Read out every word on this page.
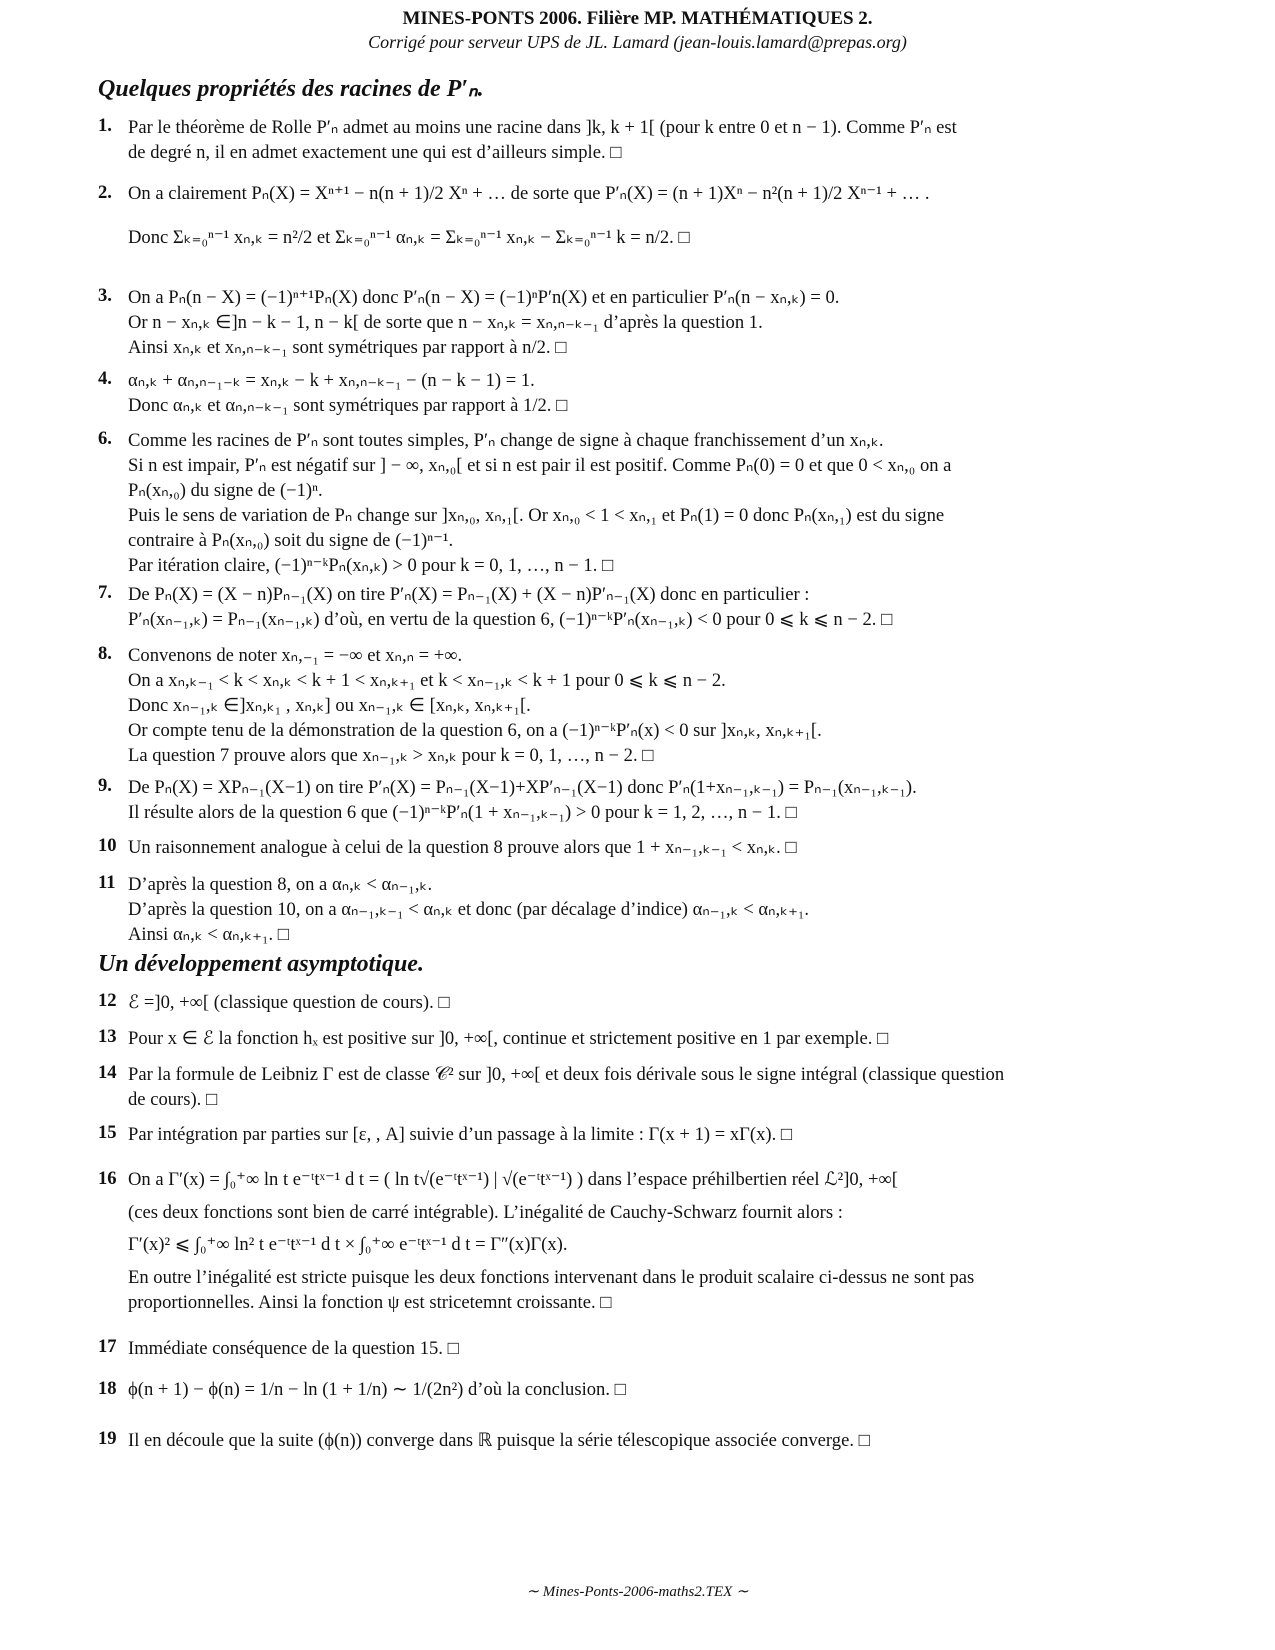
MINES-PONTS 2006. Filière MP. MATHÉMATIQUES 2.
Corrigé pour serveur UPS de JL. Lamard (jean-louis.lamard@prepas.org)
Quelques propriétés des racines de P′ₙ.
1. Par le théorème de Rolle P′ₙ admet au moins une racine dans ]k, k + 1[ (pour k entre 0 et n − 1). Comme P′ₙ est
de degré n, il en admet exactement une qui est d’ailleurs simple. □
2. On a clairement Pₙ(X) = Xⁿ⁺¹ − n(n + 1)/2 Xⁿ + … de sorte que P′ₙ(X) = (n + 1)Xⁿ − n²(n + 1)/2 Xⁿ⁻¹ + … .
Donc Σₖ₌₀ⁿ⁻¹ xₙ,ₖ = n²/2 et Σₖ₌₀ⁿ⁻¹ αₙ,ₖ = Σₖ₌₀ⁿ⁻¹ xₙ,ₖ − Σₖ₌₀ⁿ⁻¹ k = n/2. □
3. On a Pₙ(n − X) = (−1)ⁿ⁺¹Pₙ(X) donc P′ₙ(n − X) = (−1)ⁿP′n(X) et en particulier P′ₙ(n − xₙ,ₖ) = 0.
Or n − xₙ,ₖ ∈]n − k − 1, n − k[ de sorte que n − xₙ,ₖ = xₙ,ₙ₋ₖ₋₁ d’après la question 1.
Ainsi xₙ,ₖ et xₙ,ₙ₋ₖ₋₁ sont symétriques par rapport à n/2. □
4. αₙ,ₖ + αₙ,ₙ₋₁₋ₖ = xₙ,ₖ − k + xₙ,ₙ₋ₖ₋₁ − (n − k − 1) = 1.
Donc αₙ,ₖ et αₙ,ₙ₋ₖ₋₁ sont symétriques par rapport à 1/2. □
6. Comme les racines de P′ₙ sont toutes simples, P′ₙ change de signe à chaque franchissement d’un xₙ,ₖ.
Si n est impair, P′ₙ est négatif sur ] − ∞, xₙ,₀[ et si n est pair il est positif. Comme Pₙ(0) = 0 et que 0 < xₙ,₀ on a
Pₙ(xₙ,₀) du signe de (−1)ⁿ.
Puis le sens de variation de Pₙ change sur ]xₙ,₀, xₙ,₁[. Or xₙ,₀ < 1 < xₙ,₁ et Pₙ(1) = 0 donc Pₙ(xₙ,₁) est du signe
contraire à Pₙ(xₙ,₀) soit du signe de (−1)ⁿ⁻¹.
Par itération claire, (−1)ⁿ⁻ᵏPₙ(xₙ,ₖ) > 0 pour k = 0, 1, …, n − 1. □
7. De Pₙ(X) = (X − n)Pₙ₋₁(X) on tire P′ₙ(X) = Pₙ₋₁(X) + (X − n)P′ₙ₋₁(X) donc en particulier :
P′ₙ(xₙ₋₁,ₖ) = Pₙ₋₁(xₙ₋₁,ₖ) d’où, en vertu de la question 6, (−1)ⁿ⁻ᵏP′ₙ(xₙ₋₁,ₖ) < 0 pour 0 ⩽ k ⩽ n − 2. □
8. Convenons de noter xₙ,₋₁ = −∞ et xₙ,ₙ = +∞.
On a xₙ,ₖ₋₁ < k < xₙ,ₖ < k + 1 < xₙ,ₖ₊₁ et k < xₙ₋₁,ₖ < k + 1 pour 0 ⩽ k ⩽ n − 2.
Donc xₙ₋₁,ₖ ∈]xₙ,ₖ₁ , xₙ,ₖ] ou xₙ₋₁,ₖ ∈ [xₙ,ₖ, xₙ,ₖ₊₁[.
Or compte tenu de la démonstration de la question 6, on a (−1)ⁿ⁻ᵏP′ₙ(x) < 0 sur ]xₙ,ₖ, xₙ,ₖ₊₁[.
La question 7 prouve alors que xₙ₋₁,ₖ > xₙ,ₖ pour k = 0, 1, …, n − 2. □
9. De Pₙ(X) = XPₙ₋₁(X−1) on tire P′ₙ(X) = Pₙ₋₁(X−1)+XP′ₙ₋₁(X−1) donc P′ₙ(1+xₙ₋₁,ₖ₋₁) = Pₙ₋₁(xₙ₋₁,ₖ₋₁).
Il résulte alors de la question 6 que (−1)ⁿ⁻ᵏP′ₙ(1 + xₙ₋₁,ₖ₋₁) > 0 pour k = 1, 2, …, n − 1. □
10 Un raisonnement analogue à celui de la question 8 prouve alors que 1 + xₙ₋₁,ₖ₋₁ < xₙ,ₖ. □
11 D’après la question 8, on a αₙ,ₖ < αₙ₋₁,ₖ.
D’après la question 10, on a αₙ₋₁,ₖ₋₁ < αₙ,ₖ et donc (par décalage d’indice) αₙ₋₁,ₖ < αₙ,ₖ₊₁.
Ainsi αₙ,ₖ < αₙ,ₖ₊₁. □
Un développement asymptotique.
12 ℰ =]0, +∞[ (classique question de cours). □
13 Pour x ∈ ℰ la fonction hₓ est positive sur ]0, +∞[, continue et strictement positive en 1 par exemple. □
14 Par la formule de Leibniz Γ est de classe 𝒞² sur ]0, +∞[ et deux fois dérivale sous le signe intégral (classique question
de cours). □
15 Par intégration par parties sur [ε, , A] suivie d’un passage à la limite : Γ(x + 1) = xΓ(x). □
16 On a Γ′(x) = ∫₀⁺∞ ln t e⁻ᵗtˣ⁻¹ d t = ( ln t√(e⁻ᵗtˣ⁻¹) | √(e⁻ᵗtˣ⁻¹) ) dans l’espace préhilbertien réel ℒ²]0, +∞[
(ces deux fonctions sont bien de carré intégrable). L’inégalité de Cauchy-Schwarz fournit alors :
Γ′(x)² ⩽ ∫₀⁺∞ ln² t e⁻ᵗtˣ⁻¹ d t × ∫₀⁺∞ e⁻ᵗtˣ⁻¹ d t = Γ″(x)Γ(x).
En outre l’inégalité est stricte puisque les deux fonctions intervenant dans le produit scalaire ci-dessus ne sont pas
proportionnelles. Ainsi la fonction ψ est stricetemnt croissante. □
17 Immédiate conséquence de la question 15. □
18 ϕ(n + 1) − ϕ(n) = 1/n − ln (1 + 1/n) ∼ 1/(2n²) d’où la conclusion. □
19 Il en découle que la suite (ϕ(n)) converge dans ℝ puisque la série télescopique associée converge. □
∼ Mines-Ponts-2006-maths2.TEX ∼
